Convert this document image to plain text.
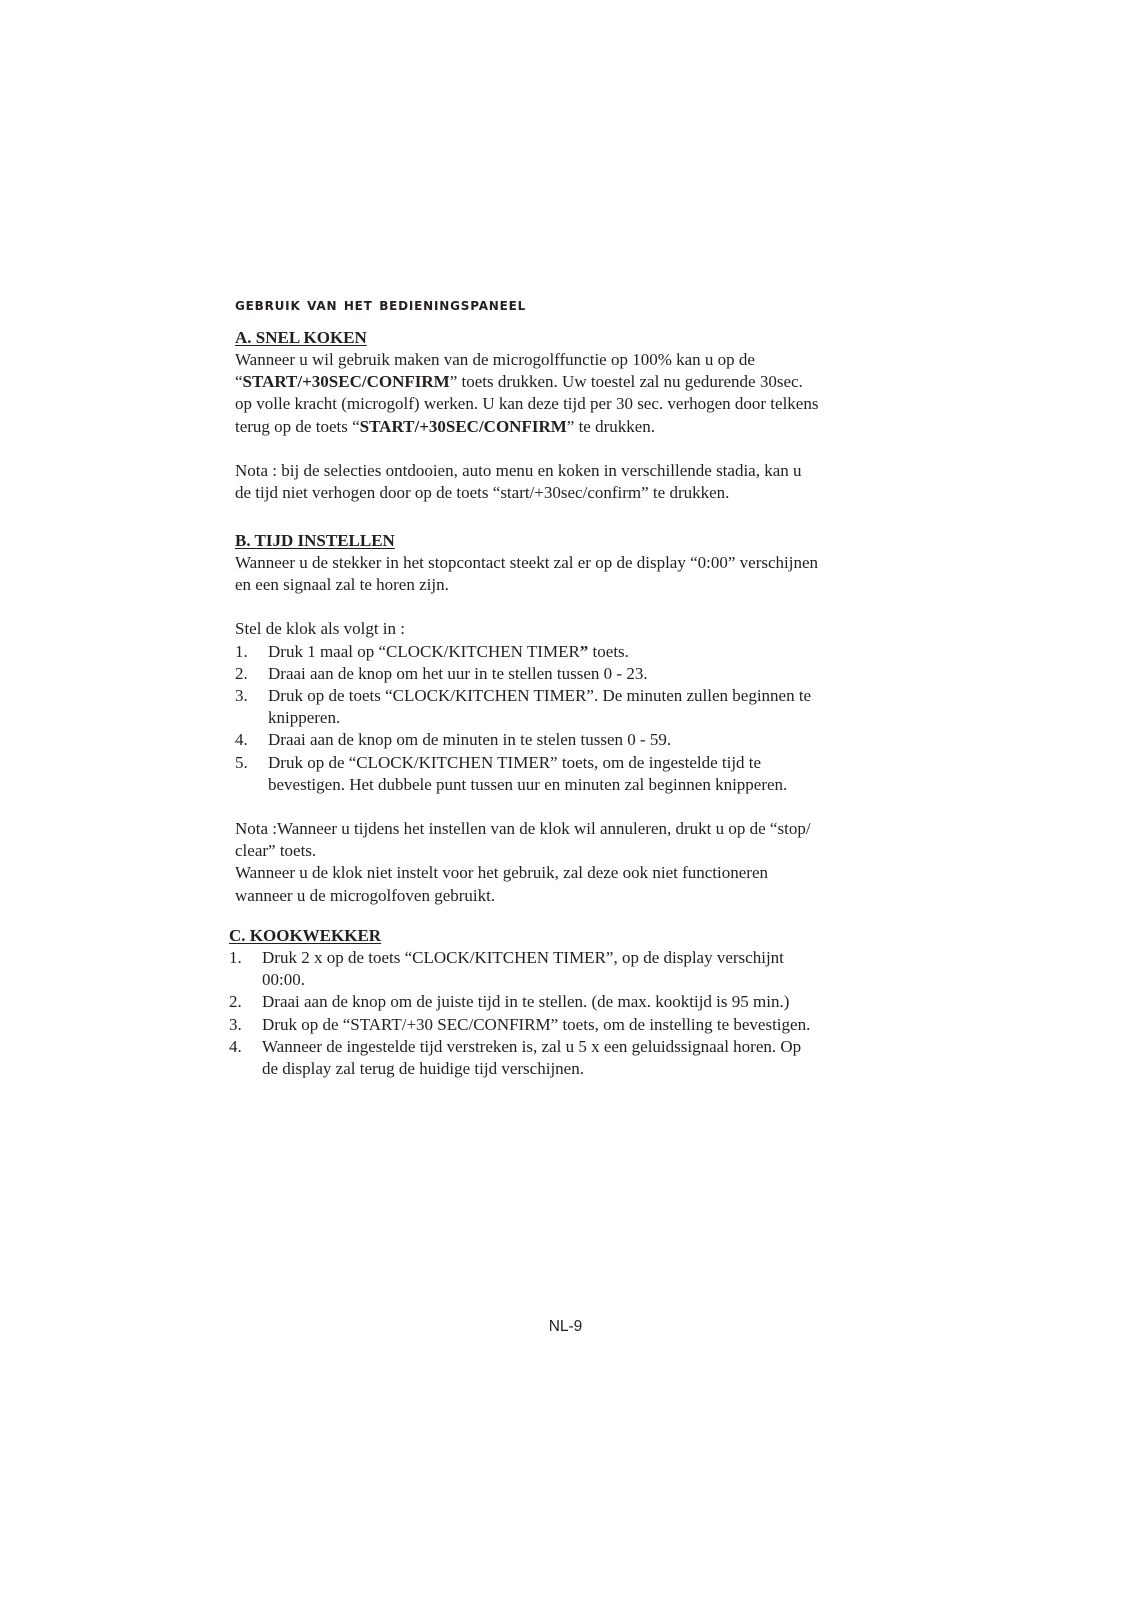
gebruik van het bedieningspaneel

A. SNEL KOKEN

Wanneer u wil gebruik maken van de microgolffunctie op 100% kan u op de
“START/+30SEC/CONFIRM” toets drukken. Uw toestel zal nu gedurende 30sec.
op volle kracht (microgolf) werken. U kan deze tijd per 30 sec. verhogen door telkens
terug op de toets “START/+30SEC/CONFIRM” te drukken.

Nota : bij de selecties ontdooien, auto menu en koken in verschillende stadia, kan u
de tijd niet verhogen door op de toets “start/+30sec/confirm” te drukken.

B. TIJD INSTELLEN

Wanneer u de stekker in het stopcontact steekt zal er op de display “0:00” verschijnen
en een signaal zal te horen zijn.

Stel de klok als volgt in :

1. Druk 1 maal op “CLOCK/KITCHEN TIMER” toets.
2. Draai aan de knop om het uur in te stellen tussen 0 - 23.
3. Druk op de toets “CLOCK/KITCHEN TIMER”. De minuten zullen beginnen te
knipperen.
4. Draai aan de knop om de minuten in te stelen tussen 0 - 59.
5. Druk op de “CLOCK/KITCHEN TIMER” toets, om de ingestelde tijd te
bevestigen. Het dubbele punt tussen uur en minuten zal beginnen knipperen.

Nota :Wanneer u tijdens het instellen van de klok wil annuleren, drukt u op de “stop/
clear” toets.
Wanneer u de klok niet instelt voor het gebruik, zal deze ook niet functioneren
wanneer u de microgolfoven gebruikt.

C. KOOKWEKKER

1. Druk 2 x op de toets “CLOCK/KITCHEN TIMER”, op de display verschijnt
00:00.
2. Draai aan de knop om de juiste tijd in te stellen. (de max. kooktijd is 95 min.)
3. Druk op de “START/+30 SEC/CONFIRM” toets, om de instelling te bevestigen.
4. Wanneer de ingestelde tijd verstreken is, zal u 5 x een geluidssignaal horen. Op
de display zal terug de huidige tijd verschijnen.
NL-9
